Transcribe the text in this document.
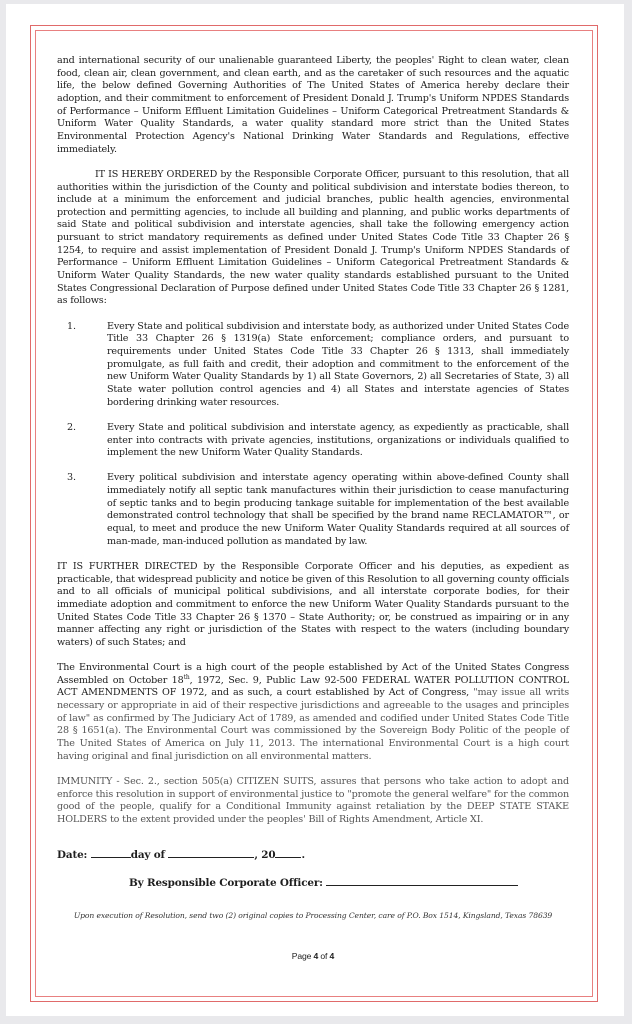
and international security of our unalienable guaranteed Liberty, the peoples' Right to clean water, clean food, clean air, clean government, and clean earth, and as the caretaker of such resources and the aquatic life, the below defined Governing Authorities of The United States of America hereby declare their adoption, and their commitment to enforcement of President Donald J. Trump's Uniform NPDES Standards of Performance – Uniform Effluent Limitation Guidelines – Uniform Categorical Pretreatment Standards & Uniform Water Quality Standards, a water quality standard more strict than the United States Environmental Protection Agency's National Drinking Water Standards and Regulations, effective immediately.

IT IS HEREBY ORDERED by the Responsible Corporate Officer, pursuant to this resolution, that all authorities within the jurisdiction of the County and political subdivision and interstate bodies thereon, to include at a minimum the enforcement and judicial branches, public health agencies, environmental protection and permitting agencies, to include all building and planning, and public works departments of said State and political subdivision and interstate agencies, shall take the following emergency action pursuant to strict mandatory requirements as defined under United States Code Title 33 Chapter 26 § 1254, to require and assist implementation of President Donald J. Trump's Uniform NPDES Standards of Performance – Uniform Effluent Limitation Guidelines – Uniform Categorical Pretreatment Standards & Uniform Water Quality Standards, the new water quality standards established pursuant to the United States Congressional Declaration of Purpose defined under United States Code Title 33 Chapter 26 § 1281, as follows:

1.	Every State and political subdivision and interstate body, as authorized under United States Code Title 33 Chapter 26 § 1319(a) State enforcement; compliance orders, and pursuant to requirements under United States Code Title 33 Chapter 26 § 1313, shall immediately promulgate, as full faith and credit, their adoption and commitment to the enforcement of the new Uniform Water Quality Standards by 1) all State Governors, 2) all Secretaries of State, 3) all State water pollution control agencies and 4) all States and interstate agencies of States bordering drinking water resources.
2.	Every State and political subdivision and interstate agency, as expediently as practicable, shall enter into contracts with private agencies, institutions, organizations or individuals qualified to implement the new Uniform Water Quality Standards.
3.	Every political subdivision and interstate agency operating within above-defined County shall immediately notify all septic tank manufactures within their jurisdiction to cease manufacturing of septic tanks and to begin producing tankage suitable for implementation of the best available demonstrated control technology that shall be specified by the brand name RECLAMATOR™, or equal, to meet and produce the new Uniform Water Quality Standards required at all sources of man-made, man-induced pollution as mandated by law.

IT IS FURTHER DIRECTED by the Responsible Corporate Officer and his deputies, as expedient as practicable, that widespread publicity and notice be given of this Resolution to all governing county officials and to all officials of municipal political subdivisions, and all interstate corporate bodies, for their immediate adoption and commitment to enforce the new Uniform Water Quality Standards pursuant to the United States Code Title 33 Chapter 26 § 1370 – State Authority; or, be construed as impairing or in any manner affecting any right or jurisdiction of the States with respect to the waters (including boundary waters) of such States; and

The Environmental Court is a high court of the people established by Act of the United States Congress Assembled on October 18th, 1972, Sec. 9, Public Law 92-500 FEDERAL WATER POLLUTION CONTROL ACT AMENDMENTS OF 1972, and as such, a court established by Act of Congress, "may issue all writs necessary or appropriate in aid of their respective jurisdictions and agreeable to the usages and principles of law" as confirmed by The Judiciary Act of 1789, as amended and codified under United States Code Title 28 § 1651(a). The Environmental Court was commissioned by the Sovereign Body Politic of the people of The United States of America on July 11, 2013. The international Environmental Court is a high court having original and final jurisdiction on all environmental matters.

IMMUNITY - Sec. 2., section 505(a) CITIZEN SUITS, assures that persons who take action to adopt and enforce this resolution in support of environmental justice to "promote the general welfare" for the common good of the people, qualify for a Conditional Immunity against retaliation by the DEEP STATE STAKE HOLDERS to the extent provided under the peoples' Bill of Rights Amendment, Article XI.

Date:	day of	, 20	.
By Responsible Corporate Officer:
Upon execution of Resolution, send two (2) original copies to Processing Center, care of P.O. Box 1514, Kingsland, Texas 78639
Page 4 of 4
